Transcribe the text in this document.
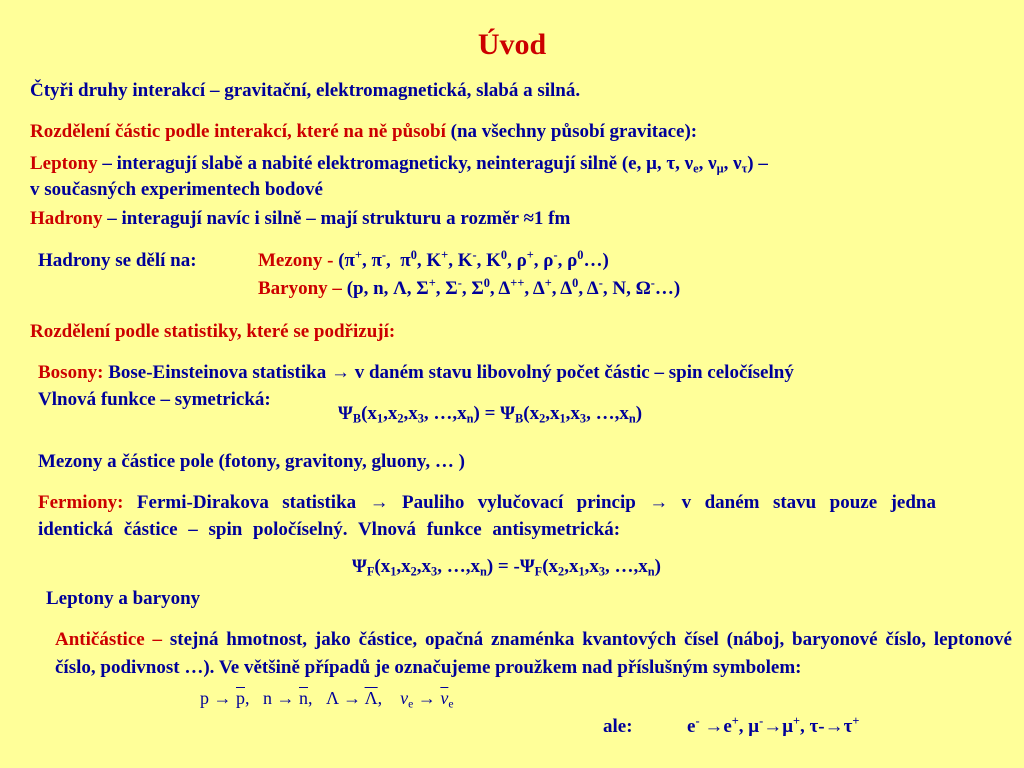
Úvod
Čtyři druhy interakcí – gravitační, elektromagnetická, slabá a silná.
Rozdělení částic podle interakcí, které na ně působí (na všechny působí gravitace):
Leptony – interagují slabě a nabité elektromagneticky, neinteragují silně (e, μ, τ, $\nu_e$, $\nu_\mu$, $\nu_\tau$) –
v současných experimentech bodové
Hadrony – interagují navíc i silně – mají strukturu a rozměr ≈1 fm
Hadrony se dělí na:	Mezony - (π+, π-,  $\pi^0$, K+, K-, $K^0$, ρ+, ρ-, $\rho^0\dots$)
Baryony – (p, n, Λ, Σ+, Σ-, $\Sigma^0$, Δ++, Δ+, $\Delta^0$, Δ-, N, Ω-…)
Rozdělení podle statistiky, které se podřizují:
Bosony: Bose-Einsteinova statistika → v daném stavu libovolný počet částic – spin celočíselný
Vlnová funkce – symetrická:
$\Psi_B(x_1,x_2,x_3$, $\dots,x_n) = \Psi_B(x_2,x_1,x_3$, $\dots,x_n$)
Mezony a částice pole (fotony, gravitony, gluony, … )
Fermiony: Fermi-Dirakova statistika → Pauliho vylučovací princip → v daném stavu pouze jedna identická částice – spin poločíselný. Vlnová funkce antisymetrická:
$\Psi_F(x_1,x_2,x_3$, $\dots,x_n) = -\Psi_F(x_2,x_1,x_3$, $\dots,x_n$)
Leptony a baryony
Antičástice – stejná hmotnost, jako částice, opačná znaménka kvantových čísel (náboj, baryonové číslo, leptonové číslo, podivnost …). Ve většině případů je označujeme proužkem nad příslušným symbolem:
$p \to \overline{p}$,   $n \to \overline{n}$,   $\Lambda \to \overline{\Lambda}$,    $\nu_e \to \overline{\nu}_e$
ale:	e- →e+, μ-→μ+, τ-→τ+
